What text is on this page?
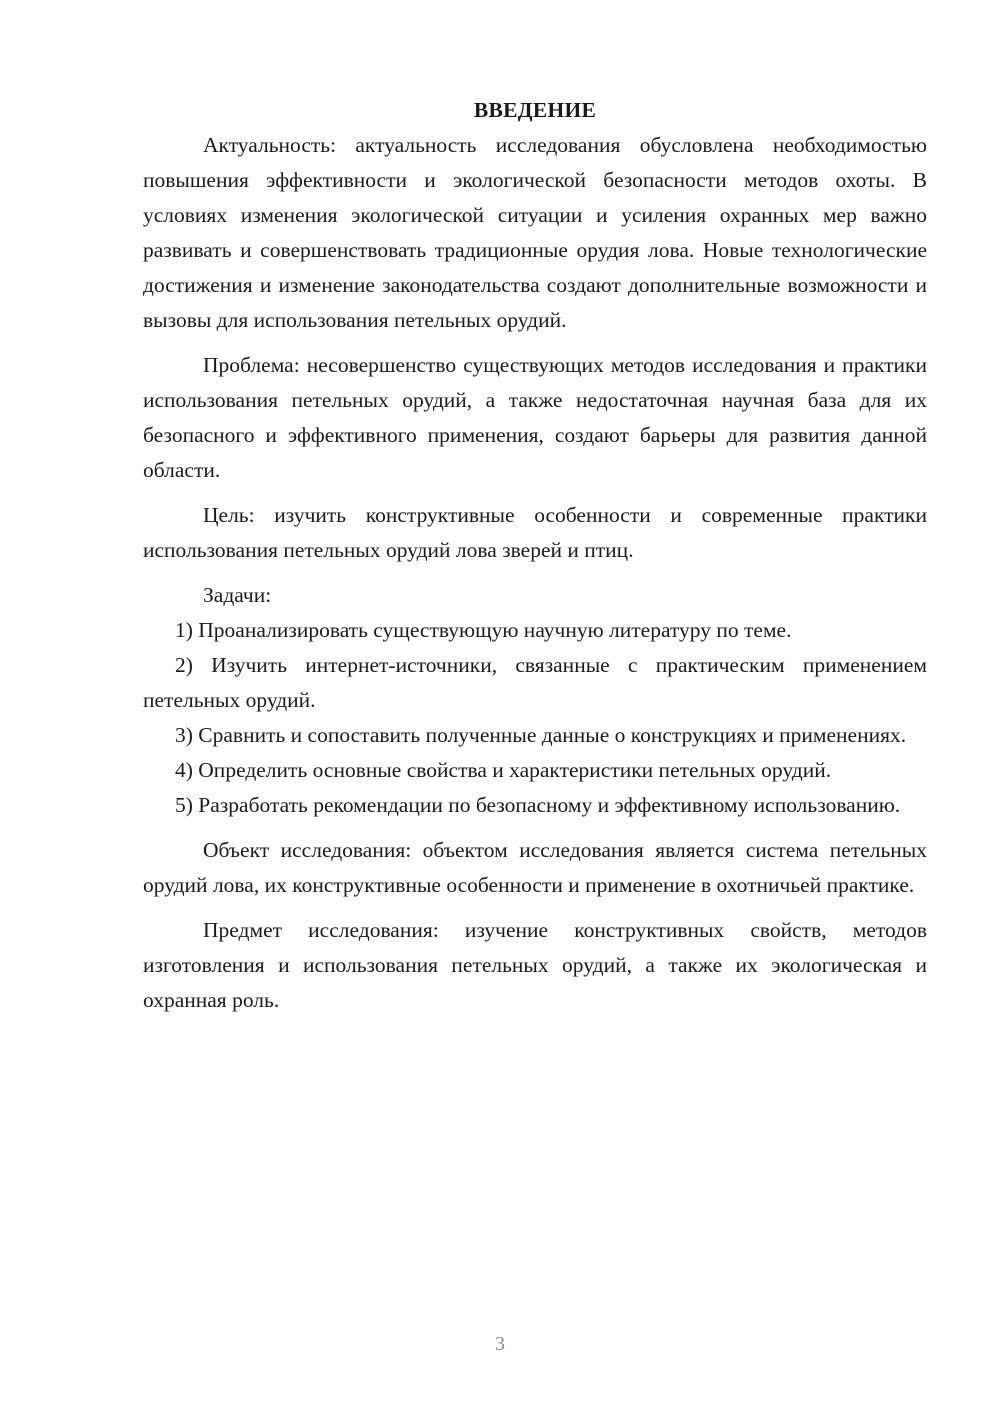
ВВЕДЕНИЕ

Актуальность: актуальность исследования обусловлена необходимостью повышения эффективности и экологической безопасности методов охоты. В условиях изменения экологической ситуации и усиления охранных мер важно развивать и совершенствовать традиционные орудия лова. Новые технологические достижения и изменение законодательства создают дополнительные возможности и вызовы для использования петельных орудий.

Проблема: несовершенство существующих методов исследования и практики использования петельных орудий, а также недостаточная научная база для их безопасного и эффективного применения, создают барьеры для развития данной области.

Цель: изучить конструктивные особенности и современные практики использования петельных орудий лова зверей и птиц.

Задачи:

1) Проанализировать существующую научную литературу по теме.

2) Изучить интернет-источники, связанные с практическим применением петельных орудий.

3) Сравнить и сопоставить полученные данные о конструкциях и применениях.

4) Определить основные свойства и характеристики петельных орудий.

5) Разработать рекомендации по безопасному и эффективному использованию.

Объект исследования: объектом исследования является система петельных орудий лова, их конструктивные особенности и применение в охотничьей практике.

Предмет исследования: изучение конструктивных свойств, методов изготовления и использования петельных орудий, а также их экологическая и охранная роль.

3
